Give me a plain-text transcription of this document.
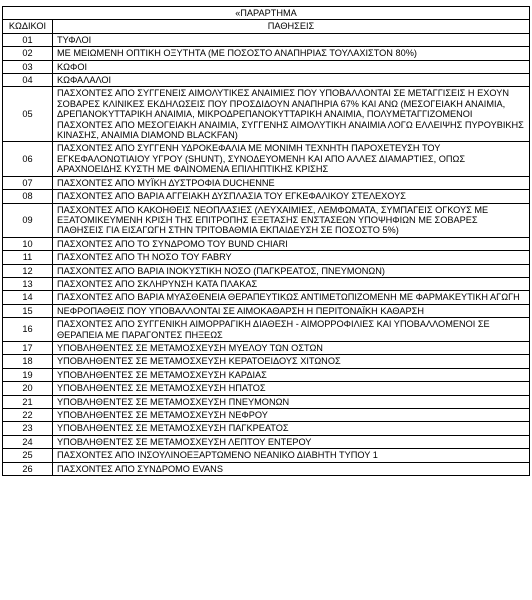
«ΠΑΡΑΡΤΗΜΑ	
ΚΩΔΙΚΟΙ	ΠΑΘΗΣΕΙΣ
01	ΤΥΦΛΟΙ
02	ΜΕ ΜΕΙΩΜΕΝΗ ΟΠΤΙΚΗ ΟΞΥΤΗΤΑ (ΜΕ ΠΟΣΟΣΤΟ ΑΝΑΠΗΡΙΑΣ ΤΟΥΛΑΧΙΣΤΟΝ 80%)
03	ΚΩΦΟΙ
04	ΚΩΦΑΛΑΛΟΙ
05	ΠΑΣΧΟΝΤΕΣ ΑΠΟ ΣΥΓΓΕΝΕΙΣ ΑΙΜΟΛΥΤΙΚΕΣ ΑΝΑΙΜΙΕΣ ΠΟΥ ΥΠΟΒΑΛΛΟΝΤΑΙ ΣΕ ΜΕΤΑΓΓΙΣΕΙΣ Η ΕΧΟΥΝ ΣΟΒΑΡΕΣ ΚΛΙΝΙΚΕΣ ΕΚΔΗΛΩΣΕΙΣ ΠΟΥ ΠΡΟΣΔΙΔΟΥΝ ΑΝΑΠΗΡΙΑ 67% ΚΑΙ ΑΝΩ (ΜΕΣΟΓΕΙΑΚΗ ΑΝΑΙΜΙΑ, ΔΡΕΠΑΝΟΚΥΤΤΑΡΙΚΗ ΑΝΑΙΜΙΑ, ΜΙΚΡΟΔΡΕΠΑΝΟΚΥΤΤΑΡΙΚΗ ΑΝΑΙΜΙΑ, ΠΟΛΥΜΕΤΑΓΓΙΖΟΜΕΝΟΙ ΠΑΣΧΟΝΤΕΣ ΑΠΟ ΜΕΣΟΓΕΙΑΚΗ ΑΝΑΙΜΙΑ, ΣΥΓΓΕΝΗΣ ΑΙΜΟΛΥΤΙΚΗ ΑΝΑΙΜΙΑ ΛΟΓΩ ΕΛΛΕΙΨΗΣ ΠΥΡΟΥΒΙΚΗΣ ΚΙΝΑΣΗΣ, ΑΝΑΙΜΙΑ DIAMOND BLACKFAN)
06	ΠΑΣΧΟΝΤΕΣ ΑΠΟ ΣΥΓΓΕΝΗ ΥΔΡΟΚΕΦΑΛΙΑ ΜΕ ΜΟΝΙΜΗ ΤΕΧΝΗΤΗ ΠΑΡΟΧΕΤΕΥΣΗ ΤΟΥ ΕΓΚΕΦΑΛΟΝΩΤΙΑΙΟΥ ΥΓΡΟΥ (SHUNT), ΣΥΝΟΔΕΥΟΜΕΝΗ ΚΑΙ ΑΠΟ ΑΛΛΕΣ ΔΙΑΜΑΡΤΙΕΣ, ΟΠΩΣ ΑΡΑΧΝΟΕΙΔΗΣ ΚΥΣΤΗ ΜΕ ΦΑΙΝΟΜΕΝΑ ΕΠΙΛΗΠΤΙΚΗΣ ΚΡΙΣΗΣ
07	ΠΑΣΧΟΝΤΕΣ ΑΠΟ ΜΥΪΚΗ ΔΥΣΤΡΟΦΙΑ DUCHENNE
08	ΠΑΣΧΟΝΤΕΣ ΑΠΟ ΒΑΡΙΑ ΑΓΓΕΙΑΚΗ ΔΥΣΠΛΑΣΙΑ ΤΟΥ ΕΓΚΕΦΑΛΙΚΟΥ ΣΤΕΛΕΧΟΥΣ
09	ΠΑΣΧΟΝΤΕΣ ΑΠΟ ΚΑΚΟΗΘΕΙΣ ΝΕΟΠΛΑΣΙΕΣ (ΛΕΥΧΑΙΜΙΕΣ, ΛΕΜΦΩΜΑΤΑ, ΣΥΜΠΑΓΕΙΣ ΟΓΚΟΥΣ ΜΕ ΕΞΑΤΟΜΙΚΕΥΜΕΝΗ ΚΡΙΣΗ ΤΗΣ ΕΠΙΤΡΟΠΗΣ ΕΞΕΤΑΣΗΣ ΕΝΣΤΑΣΕΩΝ ΥΠΟΨΗΦΙΩΝ ΜΕ ΣΟΒΑΡΕΣ ΠΑΘΗΣΕΙΣ ΓΙΑ ΕΙΣΑΓΩΓΗ ΣΤΗΝ ΤΡΙΤΟΒΑΘΜΙΑ ΕΚΠΑΙΔΕΥΣΗ ΣΕ ΠΟΣΟΣΤΟ 5%)
10	ΠΑΣΧΟΝΤΕΣ ΑΠΟ ΤΟ ΣΥΝΔΡΟΜΟ ΤΟΥ BUND CHIARI
11	ΠΑΣΧΟΝΤΕΣ ΑΠΟ ΤΗ ΝΟΣΟ ΤΟΥ FABRY
12	ΠΑΣΧΟΝΤΕΣ ΑΠΟ ΒΑΡΙΑ ΙΝΟΚΥΣΤΙΚΗ ΝΟΣΟ (ΠΑΓΚΡΕΑΤΟΣ, ΠΝΕΥΜΟΝΩΝ)
13	ΠΑΣΧΟΝΤΕΣ ΑΠΟ ΣΚΛΗΡΥΝΣΗ ΚΑΤΑ ΠΛΑΚΑΣ
14	ΠΑΣΧΟΝΤΕΣ ΑΠΟ ΒΑΡΙΑ ΜΥΑΣΘΕΝΕΙΑ ΘΕΡΑΠΕΥΤΙΚΩΣ ΑΝΤΙΜΕΤΩΠΙΖΟΜΕΝΗ ΜΕ ΦΑΡΜΑΚΕΥΤΙΚΗ ΑΓΩΓΗ
15	ΝΕΦΡΟΠΑΘΕΙΣ ΠΟΥ ΥΠΟΒΑΛΛΟΝΤΑΙ ΣΕ ΑΙΜΟΚΑΘΑΡΣΗ Η ΠΕΡΙΤΟΝΑΪΚΗ ΚΑΘΑΡΣΗ
16	ΠΑΣΧΟΝΤΕΣ ΑΠΟ ΣΥΓΓΕΝΙΚΗ ΑΙΜΟΡΡΑΓΙΚΗ ΔΙΑΘΕΣΗ - ΑΙΜΟΡΡΟΦΙΛΙΕΣ ΚΑΙ ΥΠΟΒΑΛΛΟΜΕΝΟΙ ΣΕ ΘΕΡΑΠΕΙΑ ΜΕ ΠΑΡΑΓΟΝΤΕΣ ΠΗΞΕΩΣ
17	ΥΠΟΒΛΗΘΕΝΤΕΣ ΣΕ ΜΕΤΑΜΟΣΧΕΥΣΗ ΜΥΕΛΟΥ ΤΩΝ ΟΣΤΩΝ
18	ΥΠΟΒΛΗΘΕΝΤΕΣ ΣΕ ΜΕΤΑΜΟΣΧΕΥΣΗ ΚΕΡΑΤΟΕΙΔΟΥΣ ΧΙΤΩΝΟΣ
19	ΥΠΟΒΛΗΘΕΝΤΕΣ ΣΕ ΜΕΤΑΜΟΣΧΕΥΣΗ ΚΑΡΔΙΑΣ
20	ΥΠΟΒΛΗΘΕΝΤΕΣ ΣΕ ΜΕΤΑΜΟΣΧΕΥΣΗ ΗΠΑΤΟΣ
21	ΥΠΟΒΛΗΘΕΝΤΕΣ ΣΕ ΜΕΤΑΜΟΣΧΕΥΣΗ ΠΝΕΥΜΟΝΩΝ
22	ΥΠΟΒΛΗΘΕΝΤΕΣ ΣΕ ΜΕΤΑΜΟΣΧΕΥΣΗ ΝΕΦΡΟΥ
23	ΥΠΟΒΛΗΘΕΝΤΕΣ ΣΕ ΜΕΤΑΜΟΣΧΕΥΣΗ ΠΑΓΚΡΕΑΤΟΣ
24	ΥΠΟΒΛΗΘΕΝΤΕΣ ΣΕ ΜΕΤΑΜΟΣΧΕΥΣΗ ΛΕΠΤΟΥ ΕΝΤΕΡΟΥ
25	ΠΑΣΧΟΝΤΕΣ ΑΠΟ ΙΝΣΟΥΛΙΝΟΕΞΑΡΤΩΜΕΝΟ ΝΕΑΝΙΚΟ ΔΙΑΒΗΤΗ ΤΥΠΟΥ 1
26	ΠΑΣΧΟΝΤΕΣ ΑΠΟ ΣΥΝΔΡΟΜΟ EVANS
